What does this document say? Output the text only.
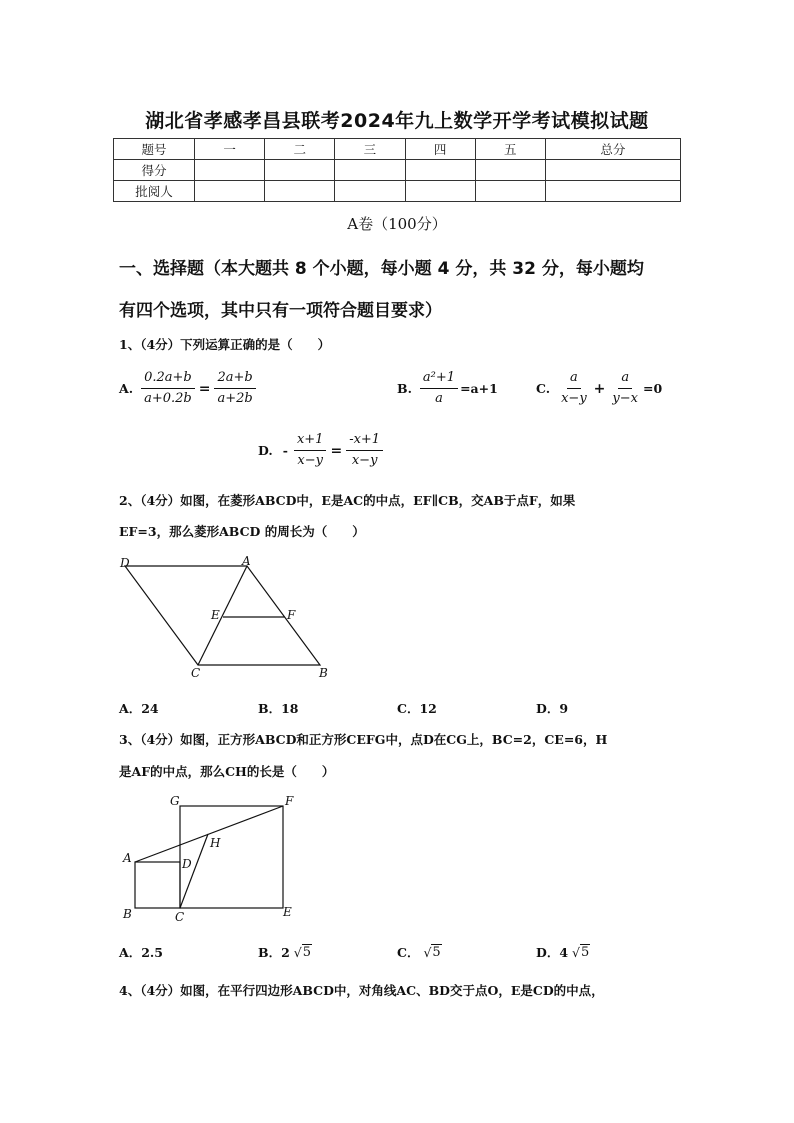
湖北省孝感孝昌县联考2024年九上数学开学考试模拟试题
题号	一	二	三	四	五	总分
得分						
批阅人						
A卷（100分）
一、选择题（本大题共 8 个小题，每小题 4 分，共 32 分，每小题均
有四个选项，其中只有一项符合题目要求）
1、（4分）下列运算正确的是（　　）
A. $\frac{0.2a+b}{a+0.2b} = \frac{2a+b}{a+2b}$	B. $\frac{\text{a²+1}}{a} =a+1$	C. $\frac{a}{x-y} + \frac{a}{y-x} =0$
D. - $\frac{x+1}{x-y} = \frac{-x+1}{x-y}$
2、（4分）如图，在菱形ABCD中，E是AC的中点，EF∥CB，交AB于点F，如果
EF=3，那么菱形ABCD 的周长为（　　）
D	A
E	F
C	B
A．24	B．18	C．12	D．9
3、（4分）如图，正方形ABCD和正方形CEFG中，点D在CG上，BC=2，CE=6，H
是AF的中点，那么CH的长是（　　）
G	F
H
A	D
B	C	E
A．2.5	B．2 √ 5	C． √ 5	D．4 √ 5
4、（4分）如图，在平行四边形ABCD中，对角线AC、BD交于点O，E是CD的中点，
